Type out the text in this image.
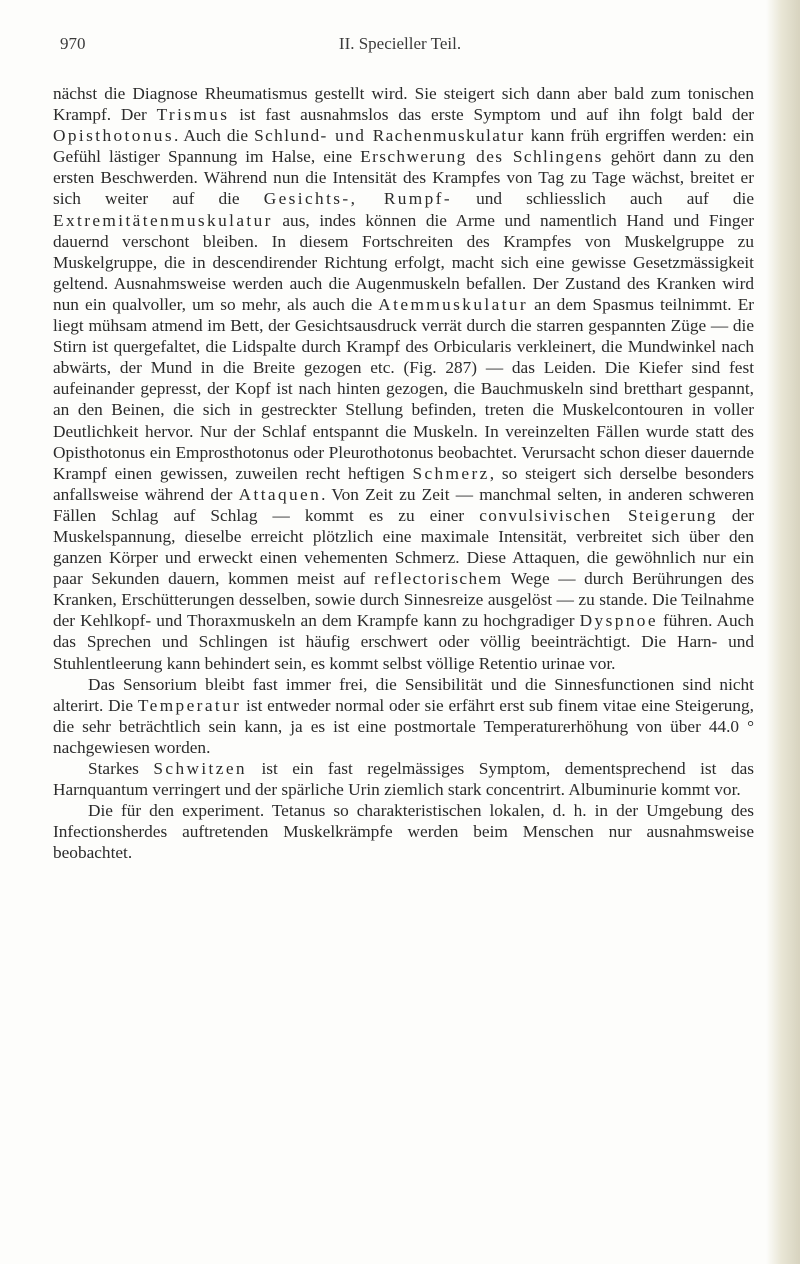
970	II. Specieller Teil.

nächst die Diagnose Rheumatismus gestellt wird. Sie steigert sich dann aber bald zum tonischen Krampf. Der Trismus ist fast ausnahmslos das erste Symptom und auf ihn folgt bald der Opisthotonus. Auch die Schlund- und Rachenmuskulatur kann früh ergriffen werden: ein Gefühl lästiger Spannung im Halse, eine Erschwerung des Schlingens gehört dann zu den ersten Beschwerden. Während nun die Intensität des Krampfes von Tag zu Tage wächst, breitet er sich weiter auf die Gesichts-, Rumpf- und schliesslich auch auf die Extremitätenmuskulatur aus, indes können die Arme und namentlich Hand und Finger dauernd verschont bleiben. In diesem Fortschreiten des Krampfes von Muskelgruppe zu Muskelgruppe, die in descendirender Richtung erfolgt, macht sich eine gewisse Gesetzmässigkeit geltend. Ausnahmsweise werden auch die Augenmuskeln befallen. Der Zustand des Kranken wird nun ein qualvoller, um so mehr, als auch die Atemmuskulatur an dem Spasmus teilnimmt. Er liegt mühsam atmend im Bett, der Gesichtsausdruck verrät durch die starren gespannten Züge — die Stirn ist quergefaltet, die Lidspalte durch Krampf des Orbicularis verkleinert, die Mundwinkel nach abwärts, der Mund in die Breite gezogen etc. (Fig. 287) — das Leiden. Die Kiefer sind fest aufeinander gepresst, der Kopf ist nach hinten gezogen, die Bauchmuskeln sind bretthart gespannt, an den Beinen, die sich in gestreckter Stellung befinden, treten die Muskelcontouren in voller Deutlichkeit hervor. Nur der Schlaf entspannt die Muskeln. In vereinzelten Fällen wurde statt des Opisthotonus ein Emprosthotonus oder Pleurothotonus beobachtet. Verursacht schon dieser dauernde Krampf einen gewissen, zuweilen recht heftigen Schmerz, so steigert sich derselbe besonders anfallsweise während der Attaquen. Von Zeit zu Zeit — manchmal selten, in anderen schweren Fällen Schlag auf Schlag — kommt es zu einer convulsivischen Steigerung der Muskelspannung, dieselbe erreicht plötzlich eine maximale Intensität, verbreitet sich über den ganzen Körper und erweckt einen vehementen Schmerz. Diese Attaquen, die gewöhnlich nur ein paar Sekunden dauern, kommen meist auf reflectorischem Wege — durch Berührungen des Kranken, Erschütterungen desselben, sowie durch Sinnesreize ausgelöst — zu stande. Die Teilnahme der Kehlkopf- und Thoraxmuskeln an dem Krampfe kann zu hochgradiger Dyspnoe führen. Auch das Sprechen und Schlingen ist häufig erschwert oder völlig beeinträchtigt. Die Harn- und Stuhlentleerung kann behindert sein, es kommt selbst völlige Retentio urinae vor.

Das Sensorium bleibt fast immer frei, die Sensibilität und die Sinnesfunctionen sind nicht alterirt. Die Temperatur ist entweder normal oder sie erfährt erst sub finem vitae eine Steigerung, die sehr beträchtlich sein kann, ja es ist eine postmortale Temperaturerhöhung von über 44.0 ° nachgewiesen worden.

Starkes Schwitzen ist ein fast regelmässiges Symptom, dementsprechend ist das Harnquantum verringert und der spärliche Urin ziemlich stark concentrirt. Albuminurie kommt vor.

Die für den experiment. Tetanus so charakteristischen lokalen, d. h. in der Umgebung des Infectionsherdes auftretenden Muskelkrämpfe werden beim Menschen nur ausnahmsweise beobachtet.
